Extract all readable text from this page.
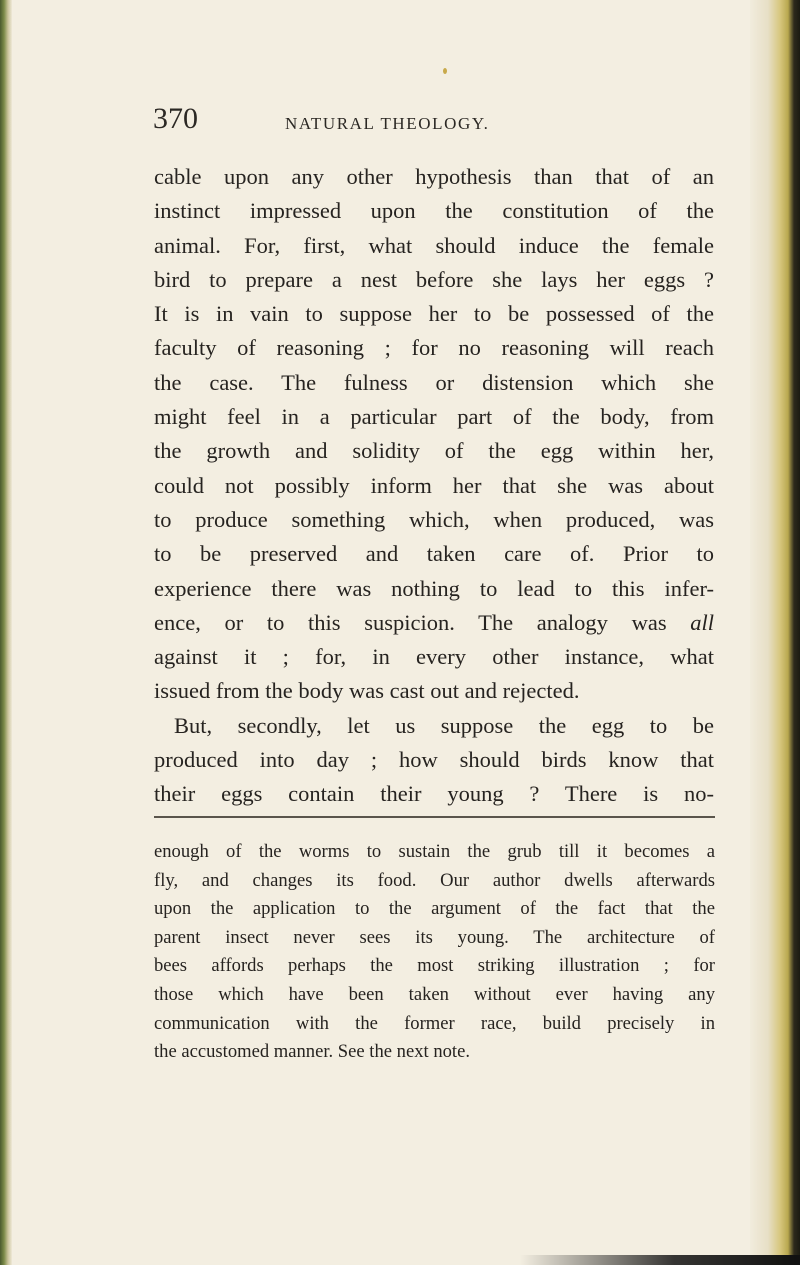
370	NATURAL THEOLOGY.
cable upon any other hypothesis than that of an
instinct impressed upon the constitution of the
animal. For, first, what should induce the female
bird to prepare a nest before she lays her eggs ?
It is in vain to suppose her to be possessed of the
faculty of reasoning ; for no reasoning will reach
the case. The fulness or distension which she
might feel in a particular part of the body, from
the growth and solidity of the egg within her,
could not possibly inform her that she was about
to produce something which, when produced, was
to be preserved and taken care of. Prior to
experience there was nothing to lead to this infer-
ence, or to this suspicion. The analogy was all
against it ; for, in every other instance, what
issued from the body was cast out and rejected.
But, secondly, let us suppose the egg to be
produced into day ; how should birds know that
their eggs contain their young ? There is no-
enough of the worms to sustain the grub till it becomes a
fly, and changes its food. Our author dwells afterwards
upon the application to the argument of the fact that the
parent insect never sees its young. The architecture of
bees affords perhaps the most striking illustration ; for
those which have been taken without ever having any
communication with the former race, build precisely in
the accustomed manner. See the next note.
